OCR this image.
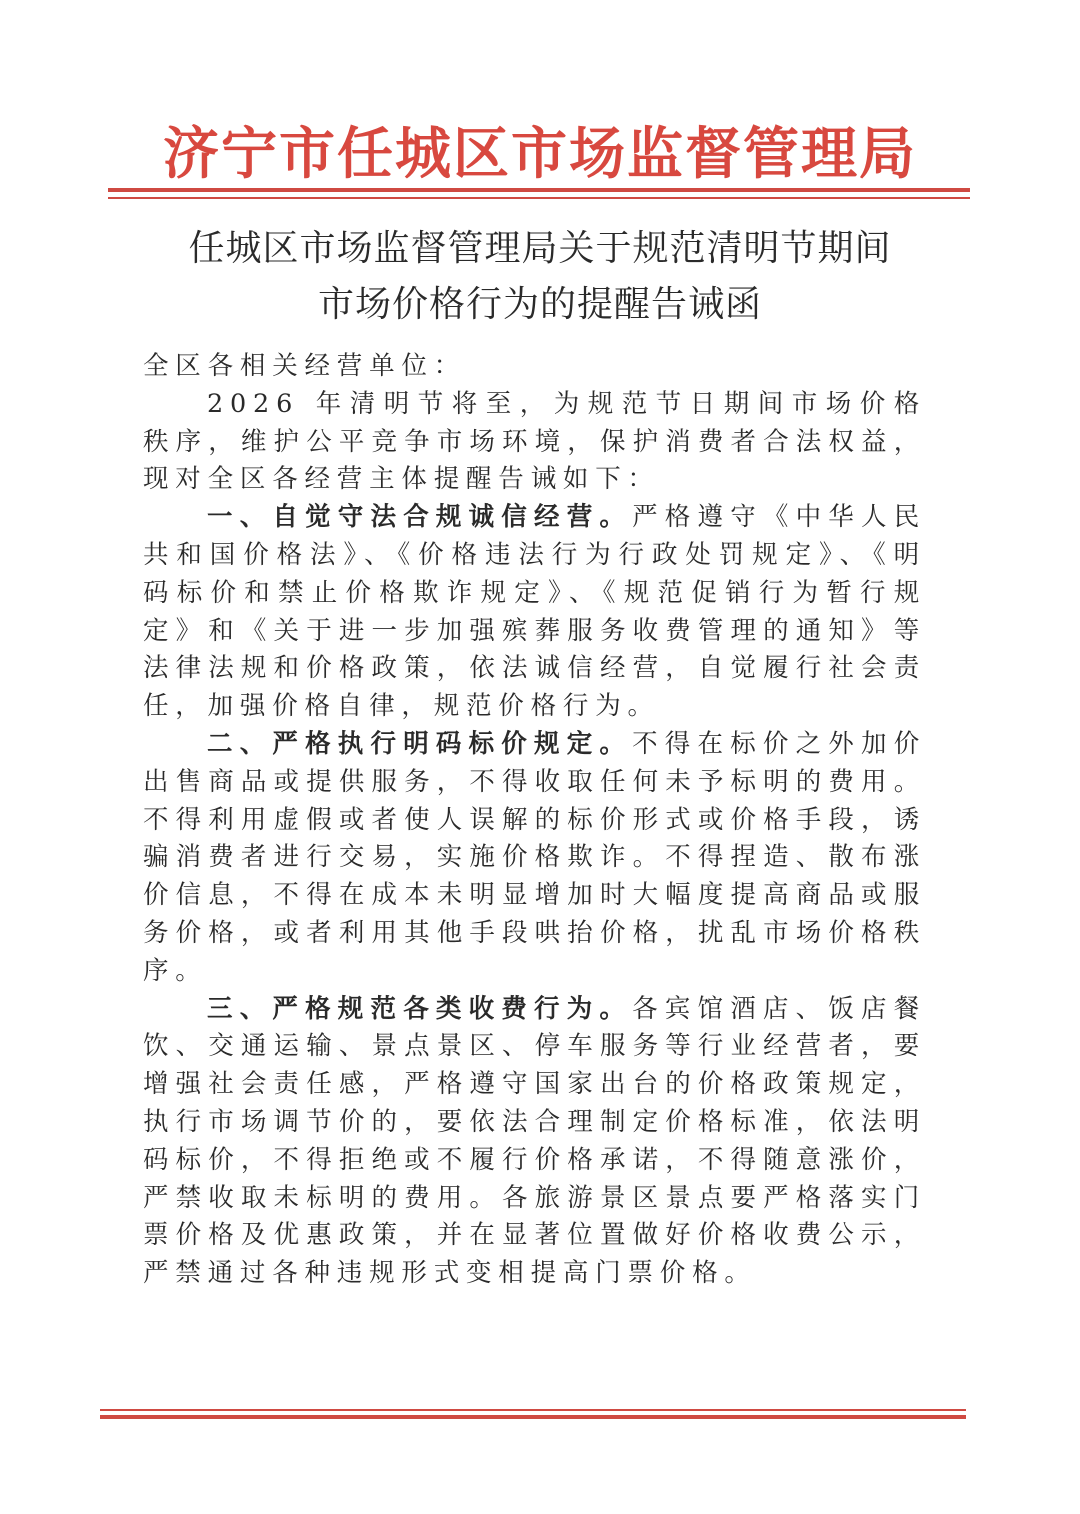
济宁市任城区市场监督管理局
任城区市场监督管理局关于规范清明节期间
市场价格行为的提醒告诫函

全区各相关经营单位：

2026 年清明节将至，为规范节日期间市场价格秩序，维护公平竞争市场环境，保护消费者合法权益，现对全区各经营主体提醒告诫如下：

一、自觉守法合规诚信经营。严格遵守《中华人民共和国价格法》、《价格违法行为行政处罚规定》、《明码标价和禁止价格欺诈规定》、《规范促销行为暂行规定》和《关于进一步加强殡葬服务收费管理的通知》等法律法规和价格政策，依法诚信经营，自觉履行社会责任，加强价格自律，规范价格行为。

二、严格执行明码标价规定。不得在标价之外加价出售商品或提供服务，不得收取任何未予标明的费用。不得利用虚假或者使人误解的标价形式或价格手段，诱骗消费者进行交易，实施价格欺诈。不得捏造、散布涨价信息，不得在成本未明显增加时大幅度提高商品或服务价格，或者利用其他手段哄抬价格，扰乱市场价格秩序。

三、严格规范各类收费行为。各宾馆酒店、饭店餐饮、交通运输、景点景区、停车服务等行业经营者，要增强社会责任感，严格遵守国家出台的价格政策规定，执行市场调节价的，要依法合理制定价格标准，依法明码标价，不得拒绝或不履行价格承诺，不得随意涨价，严禁收取未标明的费用。各旅游景区景点要严格落实门票价格及优惠政策，并在显著位置做好价格收费公示，严禁通过各种违规形式变相提高门票价格。
